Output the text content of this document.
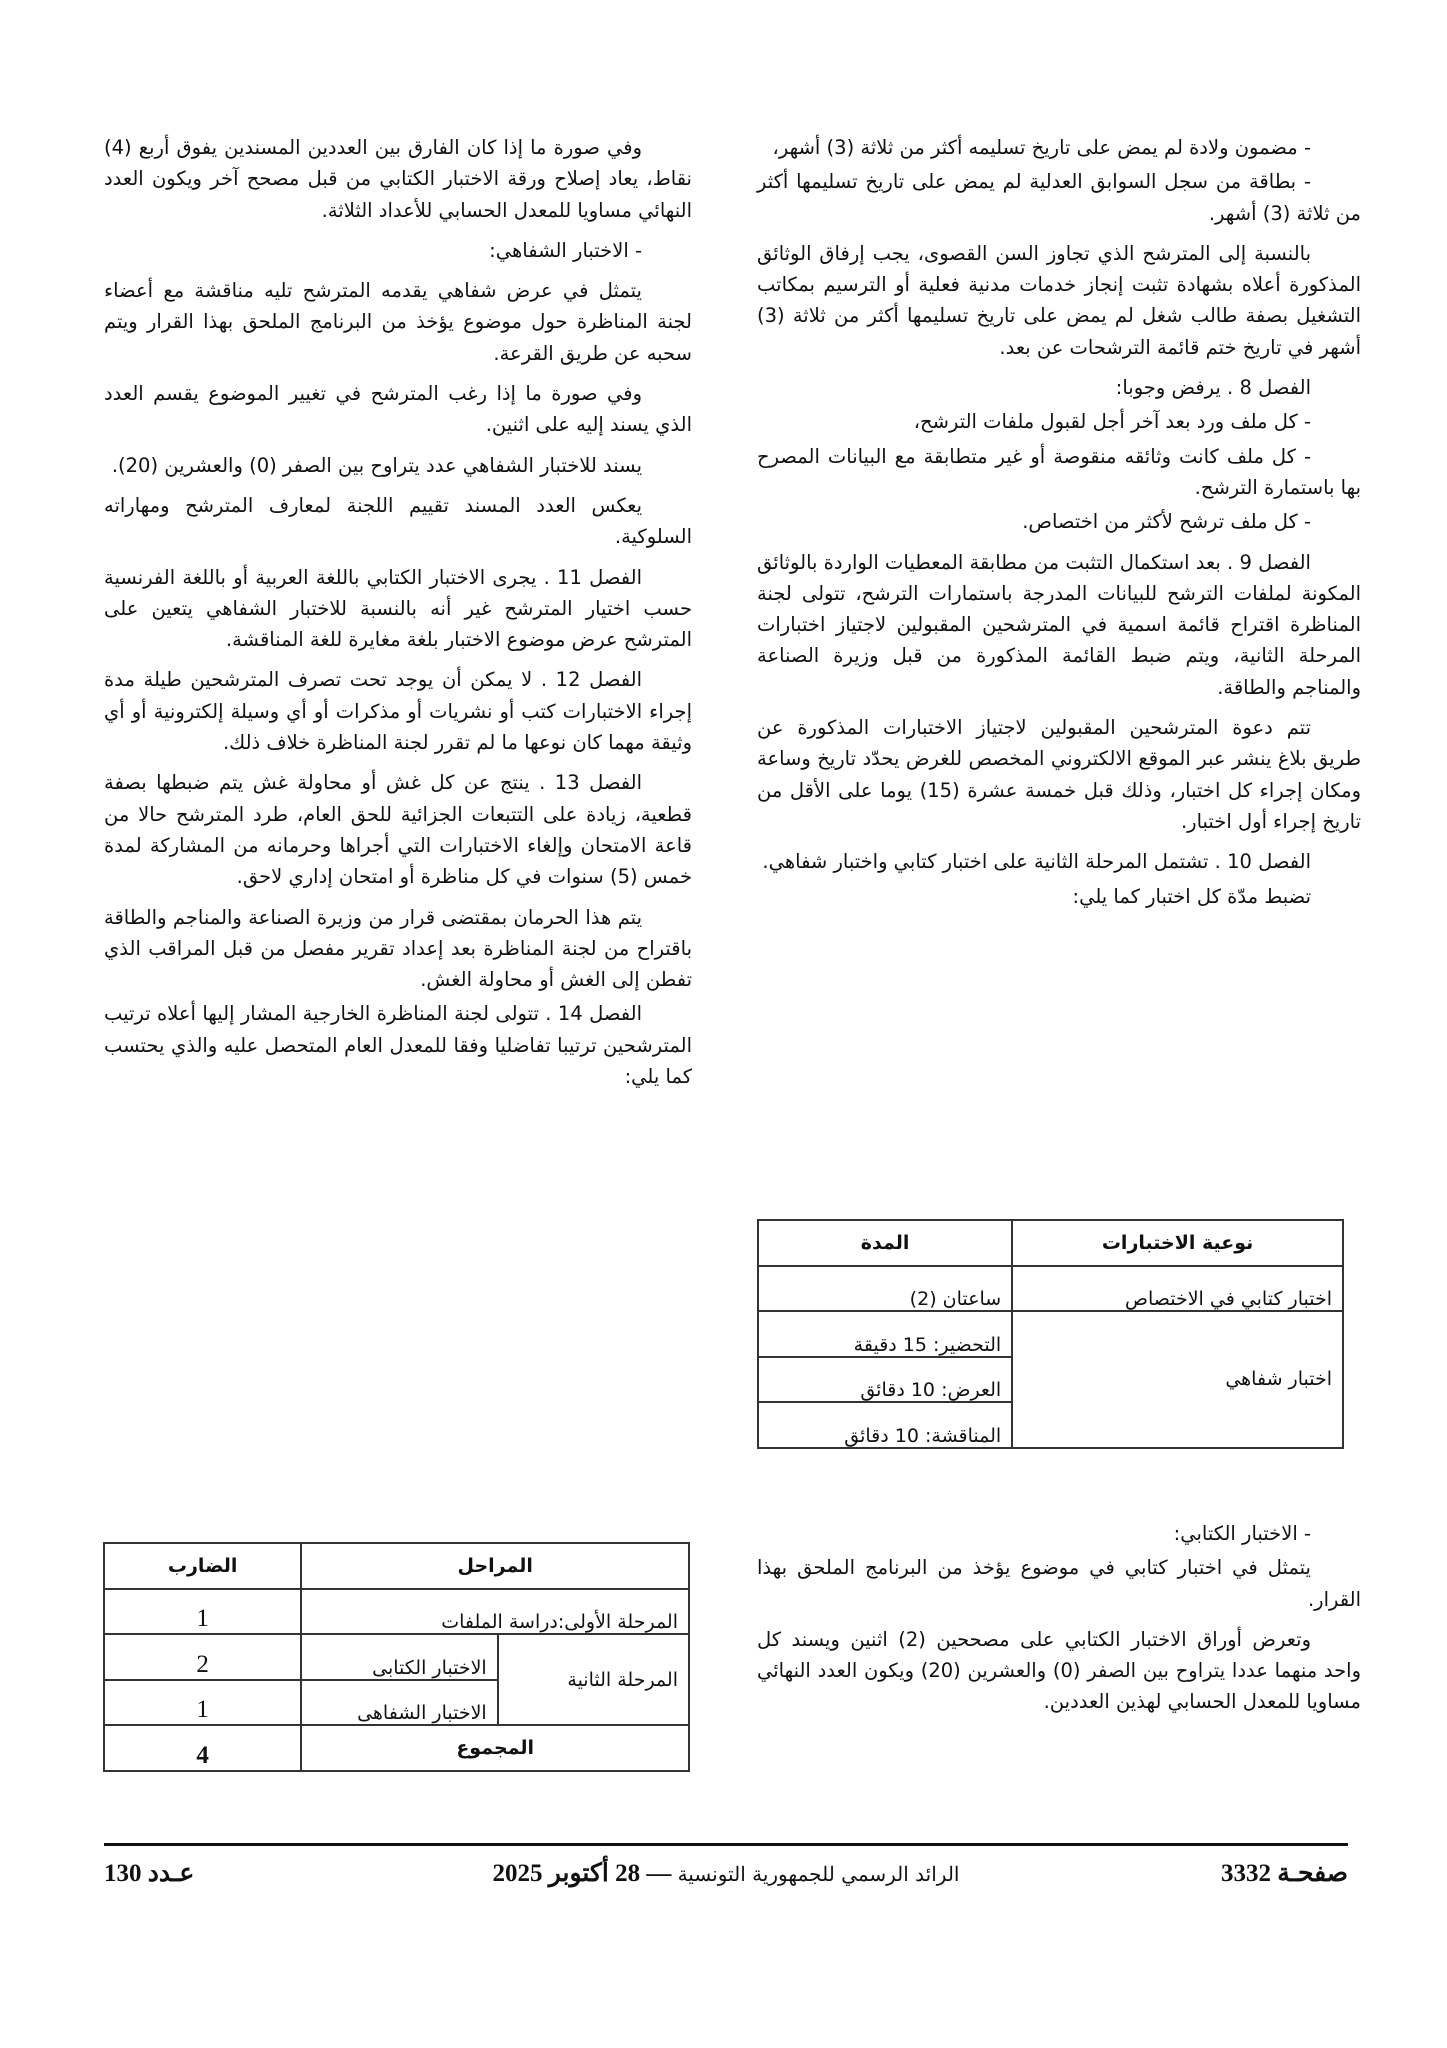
- مضمون ولادة لم يمض على تاريخ تسليمه أكثر من ثلاثة (3) أشهر،

- بطاقة من سجل السوابق العدلية لم يمض على تاريخ تسليمها أكثر من ثلاثة (3) أشهر.

بالنسبة إلى المترشح الذي تجاوز السن القصوى، يجب إرفاق الوثائق المذكورة أعلاه بشهادة تثبت إنجاز خدمات مدنية فعلية أو الترسيم بمكاتب التشغيل بصفة طالب شغل لم يمض على تاريخ تسليمها أكثر من ثلاثة (3) أشهر في تاريخ ختم قائمة الترشحات عن بعد.

الفصل 8 . يرفض وجوبا:

- كل ملف ورد بعد آخر أجل لقبول ملفات الترشح،

- كل ملف كانت وثائقه منقوصة أو غير متطابقة مع البيانات المصرح بها باستمارة الترشح.

- كل ملف ترشح لأكثر من اختصاص.

الفصل 9 . بعد استكمال التثبت من مطابقة المعطيات الواردة بالوثائق المكونة لملفات الترشح للبيانات المدرجة باستمارات الترشح، تتولى لجنة المناظرة اقتراح قائمة اسمية في المترشحين المقبولين لاجتياز اختبارات المرحلة الثانية، ويتم ضبط القائمة المذكورة من قبل وزيرة الصناعة والمناجم والطاقة.

تتم دعوة المترشحين المقبولين لاجتياز الاختبارات المذكورة عن طريق بلاغ ينشر عبر الموقع الالكتروني المخصص للغرض يحدّد تاريخ وساعة ومكان إجراء كل اختبار، وذلك قبل خمسة عشرة (15) يوما على الأقل من تاريخ إجراء أول اختبار.

الفصل 10 . تشتمل المرحلة الثانية على اختبار كتابي واختبار شفاهي.

تضبط مدّة كل اختبار كما يلي:

نوعية الاختبارات	المدة
اختبار كتابي في الاختصاص	ساعتان (2)
اختبار شفاهي	التحضير: 15 دقيقة
	العرض: 10 دقائق
	المناقشة: 10 دقائق

- الاختبار الكتابي:

يتمثل في اختبار كتابي في موضوع يؤخذ من البرنامج الملحق بهذا القرار.

وتعرض أوراق الاختبار الكتابي على مصححين (2) اثنين ويسند كل واحد منهما عددا يتراوح بين الصفر (0) والعشرين (20) ويكون العدد النهائي مساويا للمعدل الحسابي لهذين العددين.

وفي صورة ما إذا كان الفارق بين العددين المسندين يفوق أربع (4) نقاط، يعاد إصلاح ورقة الاختبار الكتابي من قبل مصحح آخر ويكون العدد النهائي مساويا للمعدل الحسابي للأعداد الثلاثة.

- الاختبار الشفاهي:

يتمثل في عرض شفاهي يقدمه المترشح تليه مناقشة مع أعضاء لجنة المناظرة حول موضوع يؤخذ من البرنامج الملحق بهذا القرار ويتم سحبه عن طريق القرعة.

وفي صورة ما إذا رغب المترشح في تغيير الموضوع يقسم العدد الذي يسند إليه على اثنين.

يسند للاختبار الشفاهي عدد يتراوح بين الصفر (0) والعشرين (20).

يعكس العدد المسند تقييم اللجنة لمعارف المترشح ومهاراته السلوكية.

الفصل 11 . يجرى الاختبار الكتابي باللغة العربية أو باللغة الفرنسية حسب اختيار المترشح غير أنه بالنسبة للاختبار الشفاهي يتعين على المترشح عرض موضوع الاختبار بلغة مغايرة للغة المناقشة.

الفصل 12 . لا يمكن أن يوجد تحت تصرف المترشحين طيلة مدة إجراء الاختبارات كتب أو نشريات أو مذكرات أو أي وسيلة إلكترونية أو أي وثيقة مهما كان نوعها ما لم تقرر لجنة المناظرة خلاف ذلك.

الفصل 13 . ينتج عن كل غش أو محاولة غش يتم ضبطها بصفة قطعية، زيادة على التتبعات الجزائية للحق العام، طرد المترشح حالا من قاعة الامتحان وإلغاء الاختبارات التي أجراها وحرمانه من المشاركة لمدة خمس (5) سنوات في كل مناظرة أو امتحان إداري لاحق.

يتم هذا الحرمان بمقتضى قرار من وزيرة الصناعة والمناجم والطاقة باقتراح من لجنة المناظرة بعد إعداد تقرير مفصل من قبل المراقب الذي تفطن إلى الغش أو محاولة الغش.

الفصل 14 . تتولى لجنة المناظرة الخارجية المشار إليها أعلاه ترتيب المترشحين ترتيبا تفاضليا وفقا للمعدل العام المتحصل عليه والذي يحتسب كما يلي:

المراحل		الضارب
المرحلة الأولى:دراسة الملفات		1
المرحلة الثانية	الاختبار الكتابى	2
	الاختبار الشفاهى	1
المجموع		4
صفحـة 3332
الرائد الرسمي للجمهورية التونسية — 28 أكتوبر 2025
عـدد 130
